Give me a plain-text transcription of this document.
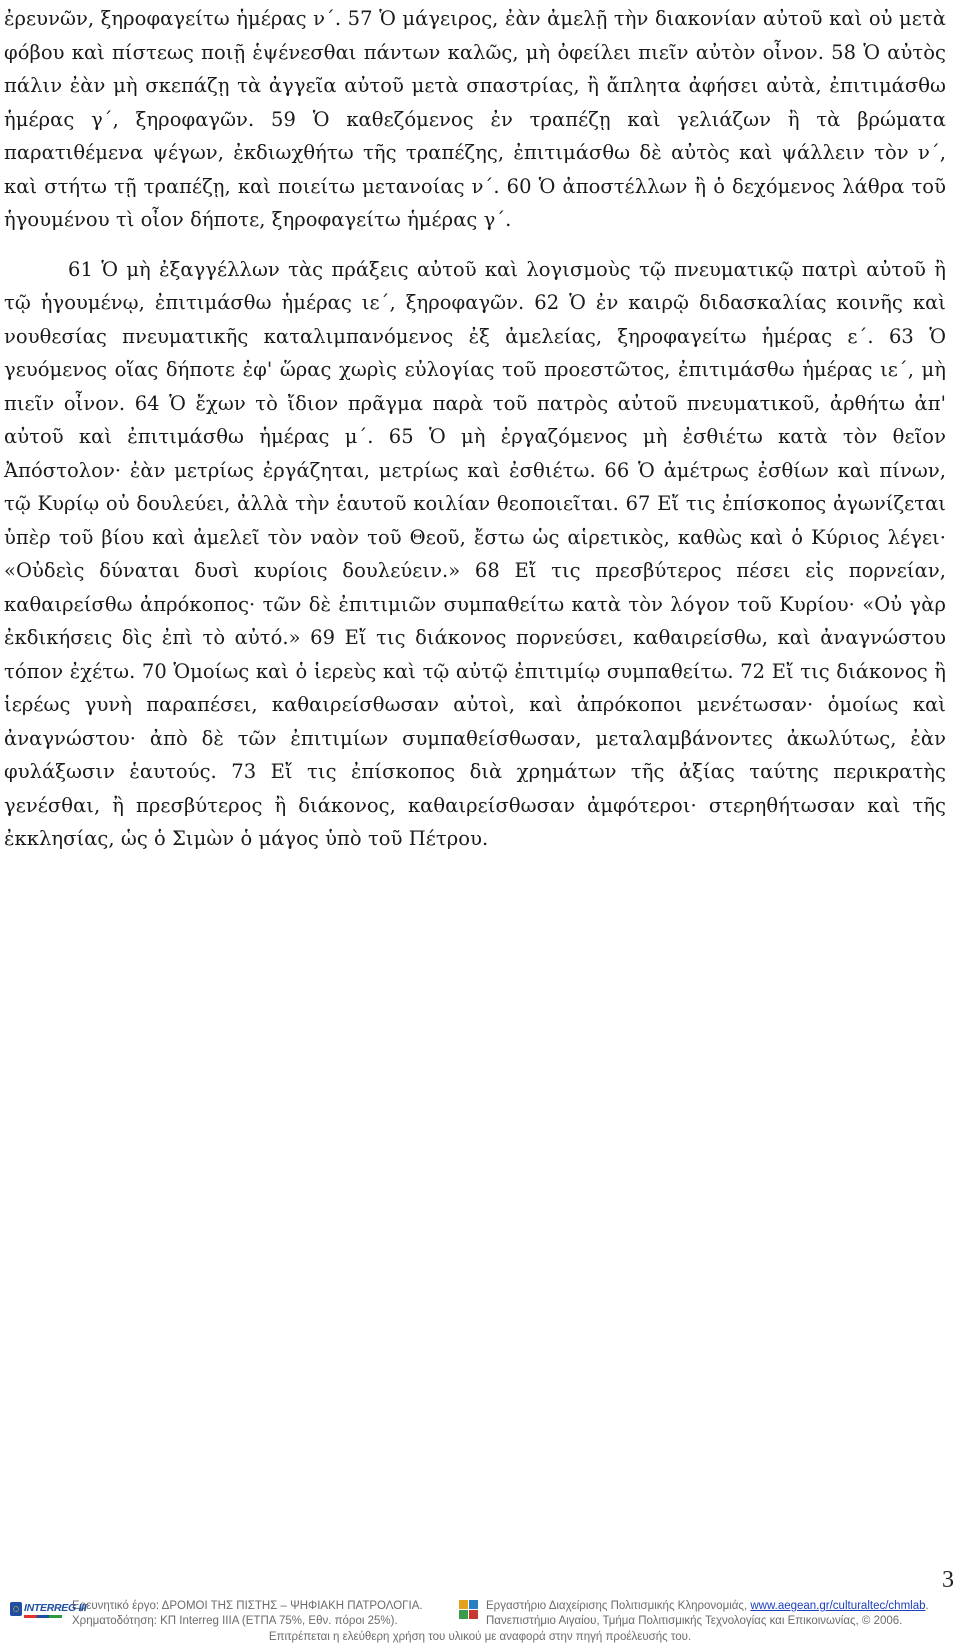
ἐρευνῶν, ξηροφαγείτω ἡμέρας ν΄. 57 Ὁ μάγειρος, ἐὰν ἀμελῇ τὴν διακονίαν αὐτοῦ καὶ οὐ μετὰ φόβου καὶ πίστεως ποιῇ ἑψένεσθαι πάντων καλῶς, μὴ ὀφείλει πιεῖν αὐτὸν οἶνον. 58 Ὁ αὐτὸς πάλιν ἐὰν μὴ σκεπάζῃ τὰ ἀγγεῖα αὐτοῦ μετὰ σπαστρίας, ἢ ἄπλητα ἀφήσει αὐτὰ, ἐπιτιμάσθω ἡμέρας γ΄, ξηροφαγῶν. 59 Ὁ καθεζόμενος ἐν τραπέζῃ καὶ γελιάζων ἢ τὰ βρώματα παρατιθέμενα ψέγων, ἐκδιωχθήτω τῆς τραπέζης, ἐπιτιμάσθω δὲ αὐτὸς καὶ ψάλλειν τὸν ν΄, καὶ στήτω τῇ τραπέζῃ, καὶ ποιείτω μετανοίας ν΄. 60 Ὁ ἀποστέλλων ἢ ὁ δεχόμενος λάθρα τοῦ ἡγουμένου τὶ οἶον δήποτε, ξηροφαγείτω ἡμέρας γ΄.

61 Ὁ μὴ ἐξαγγέλλων τὰς πράξεις αὐτοῦ καὶ λογισμοὺς τῷ πνευματικῷ πατρὶ αὐτοῦ ἢ τῷ ἡγουμένῳ, ἐπιτιμάσθω ἡμέρας ιε΄, ξηροφαγῶν. 62 Ὁ ἐν καιρῷ διδασκαλίας κοινῆς καὶ νουθεσίας πνευματικῆς καταλιμπανόμενος ἐξ ἀμελείας, ξηροφαγείτω ἡμέρας ε΄. 63 Ὁ γευόμενος οἵας δήποτε ἐφ' ὥρας χωρὶς εὐλογίας τοῦ προεστῶτος, ἐπιτιμάσθω ἡμέρας ιε΄, μὴ πιεῖν οἶνον. 64 Ὁ ἔχων τὸ ἴδιον πρᾶγμα παρὰ τοῦ πατρὸς αὐτοῦ πνευματικοῦ, ἀρθήτω ἀπ' αὐτοῦ καὶ ἐπιτιμάσθω ἡμέρας μ΄. 65 Ὁ μὴ ἐργαζόμενος μὴ ἐσθιέτω κατὰ τὸν θεῖον Ἀπόστολον· ἐὰν μετρίως ἐργάζηται, μετρίως καὶ ἐσθιέτω. 66 Ὁ ἀμέτρως ἐσθίων καὶ πίνων, τῷ Κυρίῳ οὐ δουλεύει, ἀλλὰ τὴν ἑαυτοῦ κοιλίαν θεοποιεῖται. 67 Εἴ τις ἐπίσκοπος ἀγωνίζεται ὑπὲρ τοῦ βίου καὶ ἀμελεῖ τὸν ναὸν τοῦ Θεοῦ, ἔστω ὡς αἱρετικὸς, καθὼς καὶ ὁ Κύριος λέγει· «Οὐδεὶς δύναται δυσὶ κυρίοις δουλεύειν.» 68 Εἴ τις πρεσβύτερος πέσει εἰς πορνείαν, καθαιρείσθω ἀπρόκοπος· τῶν δὲ ἐπιτιμιῶν συμπαθείτω κατὰ τὸν λόγον τοῦ Κυρίου· «Οὐ γὰρ ἐκδικήσεις δὶς ἐπὶ τὸ αὐτό.» 69 Εἴ τις διάκονος πορνεύσει, καθαιρείσθω, καὶ ἀναγνώστου τόπον ἐχέτω. 70 Ὁμοίως καὶ ὁ ἱερεὺς καὶ τῷ αὐτῷ ἐπιτιμίῳ συμπαθείτω. 72 Εἴ τις διάκονος ἢ ἱερέως γυνὴ παραπέσει, καθαιρείσθωσαν αὐτοὶ, καὶ ἀπρόκοποι μενέτωσαν· ὁμοίως καὶ ἀναγνώστου· ἀπὸ δὲ τῶν ἐπιτιμίων συμπαθείσθωσαν, μεταλαμβάνοντες ἀκωλύτως, ἐὰν φυλάξωσιν ἑαυτούς. 73 Εἴ τις ἐπίσκοπος διὰ χρημάτων τῆς ἀξίας ταύτης περικρατὴς γενέσθαι, ἢ πρεσβύτερος ἢ διάκονος, καθαιρείσθωσαν ἀμφότεροι· στερηθήτωσαν καὶ τῆς ἐκκλησίας, ὡς ὁ Σιμὼν ὁ μάγος ὑπὸ τοῦ Πέτρου.

3
INTERREG III
Ερευνητικό έργο: ΔΡΟΜΟΙ ΤΗΣ ΠΙΣΤΗΣ – ΨΗΦΙΑΚΗ ΠΑΤΡΟΛΟΓΙΑ.
Χρηματοδότηση: ΚΠ Interreg IIIA (ΕΤΠΑ 75%, Εθν. πόροι 25%).
Εργαστήριο Διαχείρισης Πολιτισμικής Κληρονομιάς, www.aegean.gr/culturaltec/chmlab.
Πανεπιστήμιο Αιγαίου, Τμήμα Πολιτισμικής Τεχνολογίας και Επικοινωνίας, © 2006.
Επιτρέπεται η ελεύθερη χρήση του υλικού με αναφορά στην πηγή προέλευσής του.
